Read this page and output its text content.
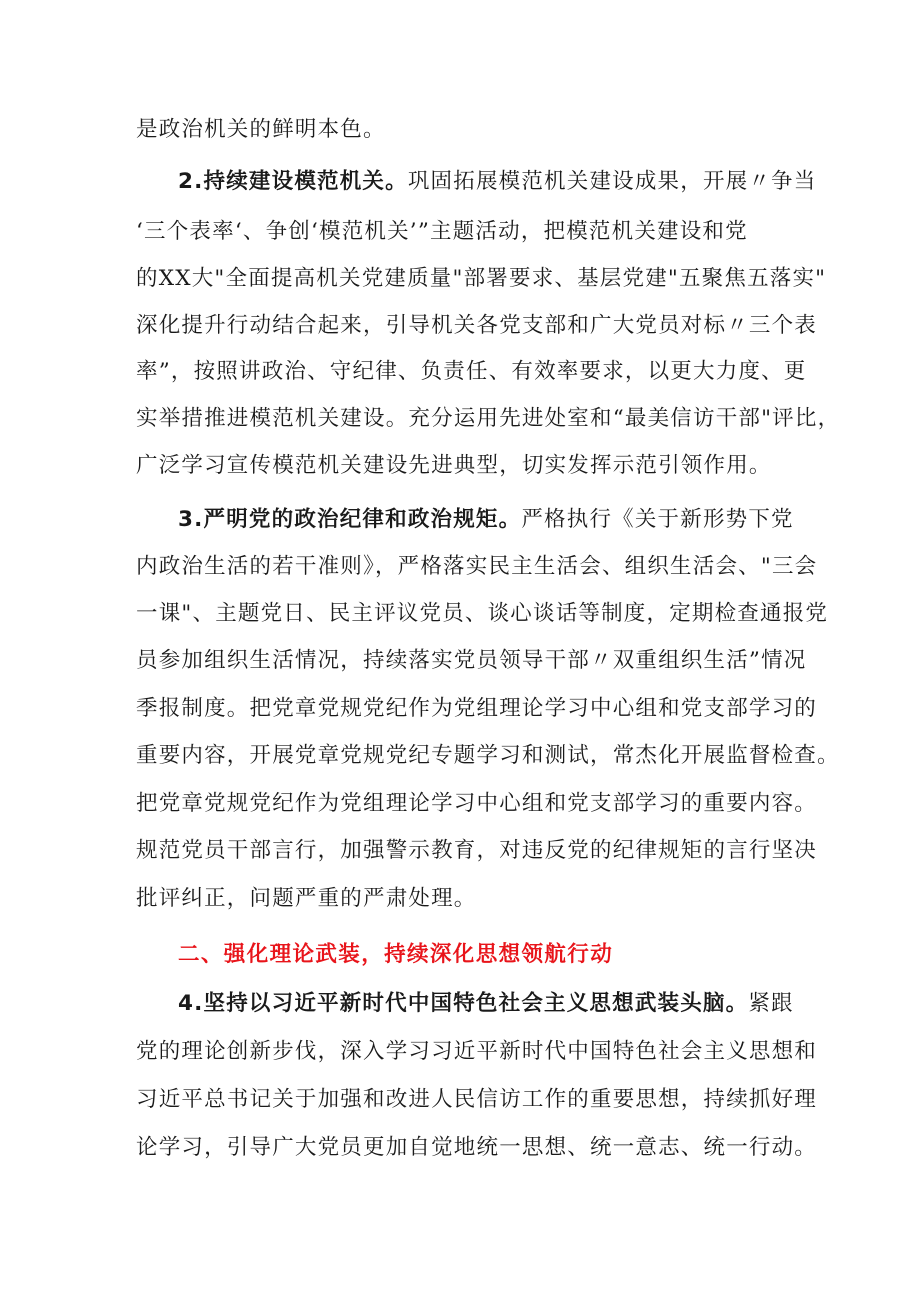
是政治机关的鲜明本色。
2.持续建设模范机关。巩固拓展模范机关建设成果，开展〃争当
‘三个表率‘、争创‘模范机关’”主题活动，把模范机关建设和党
的XX大"全面提高机关党建质量"部署要求、基层党建"五聚焦五落实"
深化提升行动结合起来，引导机关各党支部和广大党员对标〃三个表
率”，按照讲政治、守纪律、负责任、有效率要求，以更大力度、更
实举措推进模范机关建设。充分运用先进处室和“最美信访干部"评比，
广泛学习宣传模范机关建设先进典型，切实发挥示范引领作用。
3.严明党的政治纪律和政治规矩。严格执行《关于新形势下党
内政治生活的若干准则》，严格落实民主生活会、组织生活会、"三会
一课"、主题党日、民主评议党员、谈心谈话等制度，定期检查通报党
员参加组织生活情况，持续落实党员领导干部〃双重组织生活”情况
季报制度。把党章党规党纪作为党组理论学习中心组和党支部学习的
重要内容，开展党章党规党纪专题学习和测试，常杰化开展监督检查。
把党章党规党纪作为党组理论学习中心组和党支部学习的重要内容。
规范党员干部言行，加强警示教育，对违反党的纪律规矩的言行坚决
批评纠正，问题严重的严肃处理。
二、强化理论武装，持续深化思想领航行动
4.坚持以习近平新时代中国特色社会主义思想武装头脑。紧跟
党的理论创新步伐，深入学习习近平新时代中国特色社会主义思想和
习近平总书记关于加强和改进人民信访工作的重要思想，持续抓好理
论学习，引导广大党员更加自觉地统一思想、统一意志、统一行动。
